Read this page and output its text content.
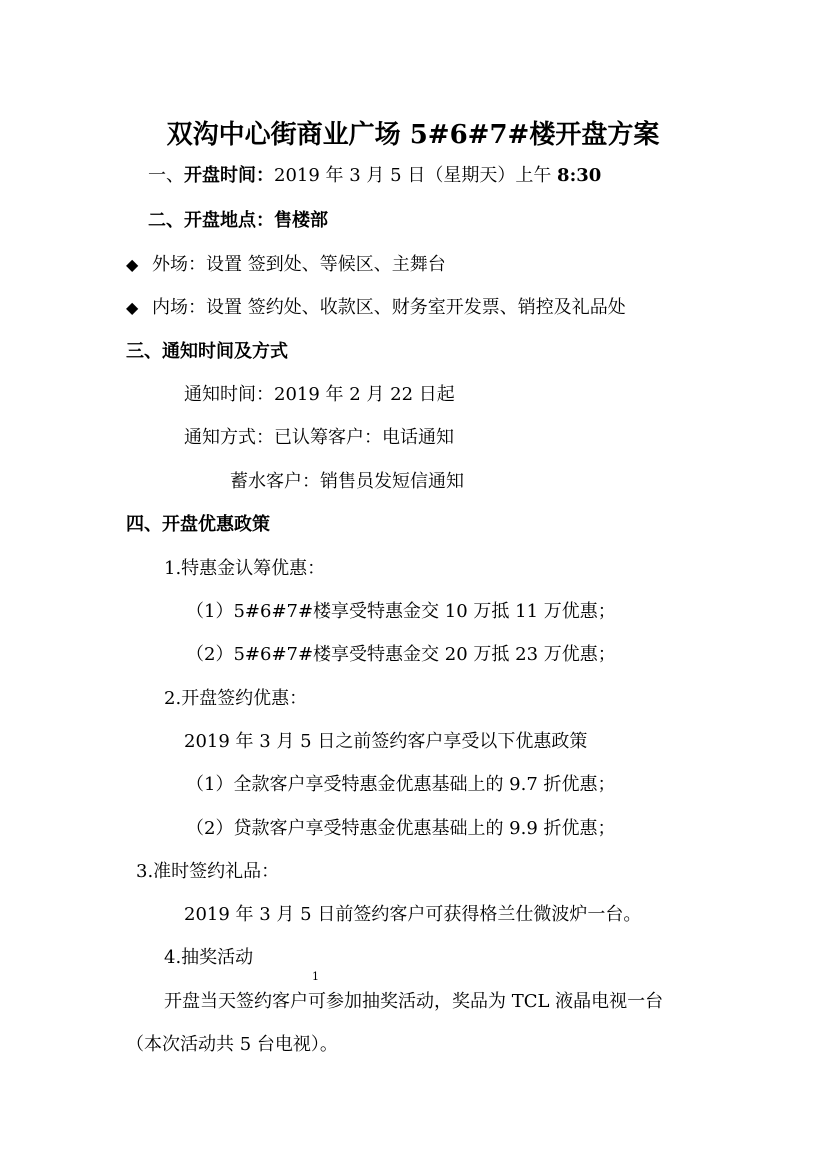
双沟中心街商业广场 5#6#7#楼开盘方案
一、开盘时间：2019 年 3 月 5 日（星期天）上午 8:30
二、开盘地点：售楼部
◆ 外场：设置 签到处、等候区、主舞台
◆ 内场：设置 签约处、收款区、财务室开发票、销控及礼品处
三、通知时间及方式
通知时间：2019 年 2 月 22 日起
通知方式：已认筹客户：电话通知
蓄水客户：销售员发短信通知
四、开盘优惠政策
1.特惠金认筹优惠：
（1）5#6#7#楼享受特惠金交 10 万抵 11 万优惠；
（2）5#6#7#楼享受特惠金交 20 万抵 23 万优惠；
2.开盘签约优惠：
2019 年 3 月 5 日之前签约客户享受以下优惠政策
（1）全款客户享受特惠金优惠基础上的 9.7 折优惠；
（2）贷款客户享受特惠金优惠基础上的 9.9 折优惠；
3.准时签约礼品：
2019 年 3 月 5 日前签约客户可获得格兰仕微波炉一台。
4.抽奖活动
1
开盘当天签约客户可参加抽奖活动，奖品为 TCL 液晶电视一台
（本次活动共 5 台电视）。
